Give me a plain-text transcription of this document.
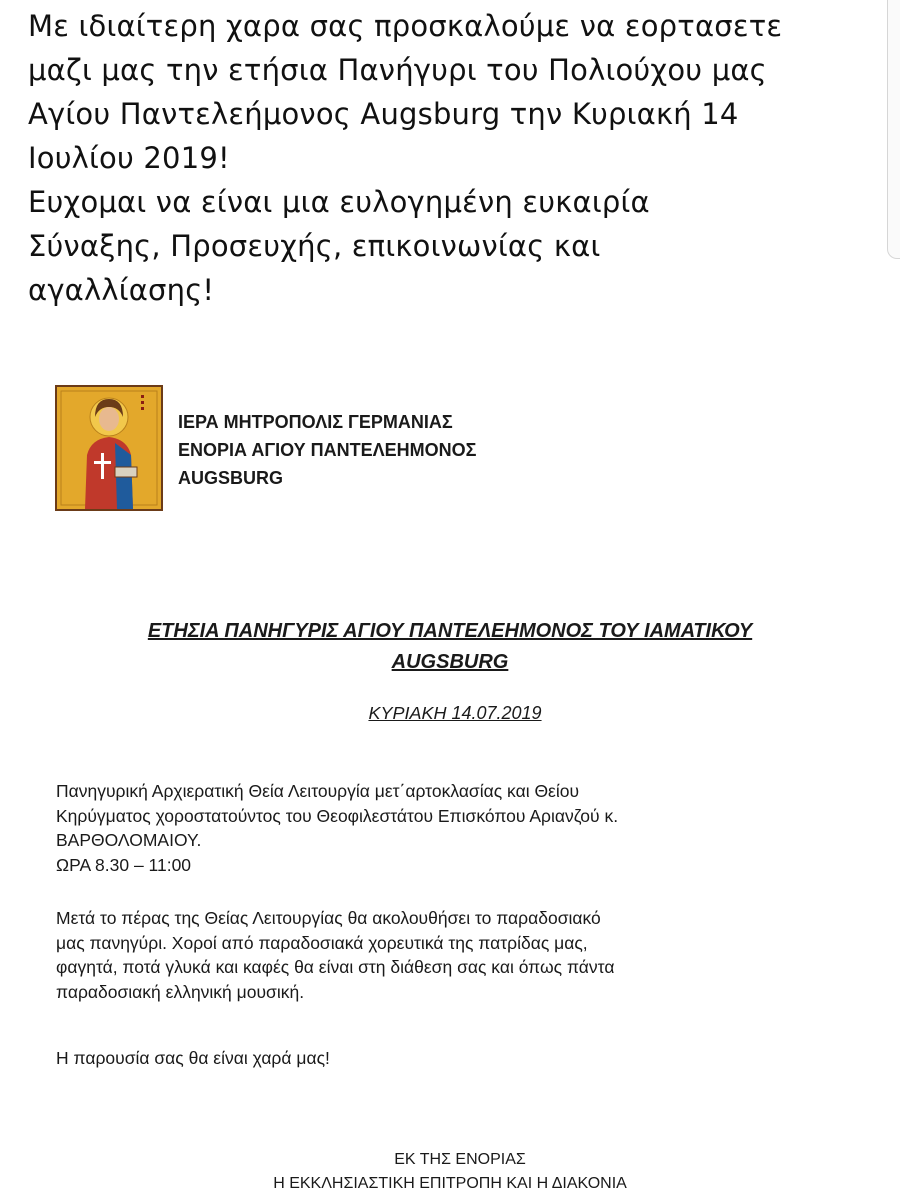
Με ιδιαίτερη χαρα σας προσκαλούμε να εορτασετε
μαζι μας την ετήσια Πανήγυρι του Πολιούχου μας
Αγίου Παντελεήμονος Augsburg την Κυριακή 14
Ιουλίου 2019!
Ευχομαι να είναι μια ευλογημένη ευκαιρία
Σύναξης, Προσευχής, επικοινωνίας και
αγαλλίασης!
ΙΕΡΑ ΜΗΤΡΟΠΟΛΙΣ ΓΕΡΜΑΝΙΑΣ
ΕΝΟΡΙΑ ΑΓΙΟΥ ΠΑΝΤΕΛΕΗΜΟΝΟΣ
AUGSBURG
ΕΤΗΣΙΑ ΠΑΝΗΓΥΡΙΣ ΑΓΙΟΥ ΠΑΝΤΕΛΕΗΜΟΝΟΣ ΤΟΥ ΙΑΜΑΤΙΚΟΥ
AUGSBURG
ΚΥΡΙΑΚΗ 14.07.2019
Πανηγυρική Αρχιερατική Θεία Λειτουργία μετ΄αρτοκλασίας και Θείου
Κηρύγματος χοροστατούντος του Θεοφιλεστάτου Επισκόπου Αριανζού κ.
ΒΑΡΘΟΛΟΜΑΙΟΥ.
ΩΡΑ 8.30 – 11:00
Μετά το πέρας της Θείας Λειτουργίας θα ακολουθήσει το παραδοσιακό
μας πανηγύρι. Χοροί από παραδοσιακά χορευτικά της πατρίδας μας,
φαγητά, ποτά γλυκά και καφές θα είναι στη διάθεση σας και όπως πάντα
παραδοσιακή ελληνική μουσική.
Η παρουσία σας θα είναι χαρά μας!
ΕΚ ΤΗΣ ΕΝΟΡΙΑΣ
Η ΕΚΚΛΗΣΙΑΣΤΙΚΗ ΕΠΙΤΡΟΠΗ ΚΑΙ Η ΔΙΑΚΟΝΙΑ
